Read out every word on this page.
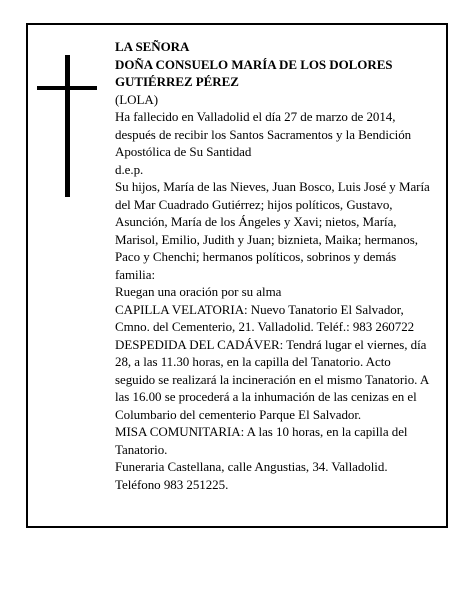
LA SEÑORA

DOÑA CONSUELO MARÍA DE LOS DOLORES

GUTIÉRREZ PÉREZ

(LOLA)

Ha fallecido en Valladolid el día 27 de marzo de 2014, después de recibir los Santos Sacramentos y la Bendición Apostólica de Su Santidad

d.e.p.

Su hijos, María de las Nieves, Juan Bosco, Luis José y María del Mar Cuadrado Gutiérrez; hijos políticos, Gustavo, Asunción, María de los Ángeles y Xavi; nietos, María, Marisol, Emilio, Judith y Juan; biznieta, Maika; hermanos, Paco y Chenchi; hermanos políticos, sobrinos y demás familia:

Ruegan una oración por su alma

CAPILLA VELATORIA: Nuevo Tanatorio El Salvador, Cmno. del Cementerio, 21. Valladolid. Teléf.: 983 260722

DESPEDIDA DEL CADÁVER: Tendrá lugar el viernes, día 28, a las 11.30 horas, en la capilla del Tanatorio. Acto seguido se realizará la incineración en el mismo Tanatorio. A las 16.00 se procederá a la inhumación de las cenizas en el Columbario del cementerio Parque El Salvador.

MISA COMUNITARIA: A las 10 horas, en la capilla del Tanatorio.

Funeraria Castellana, calle Angustias, 34. Valladolid. Teléfono 983 251225.
